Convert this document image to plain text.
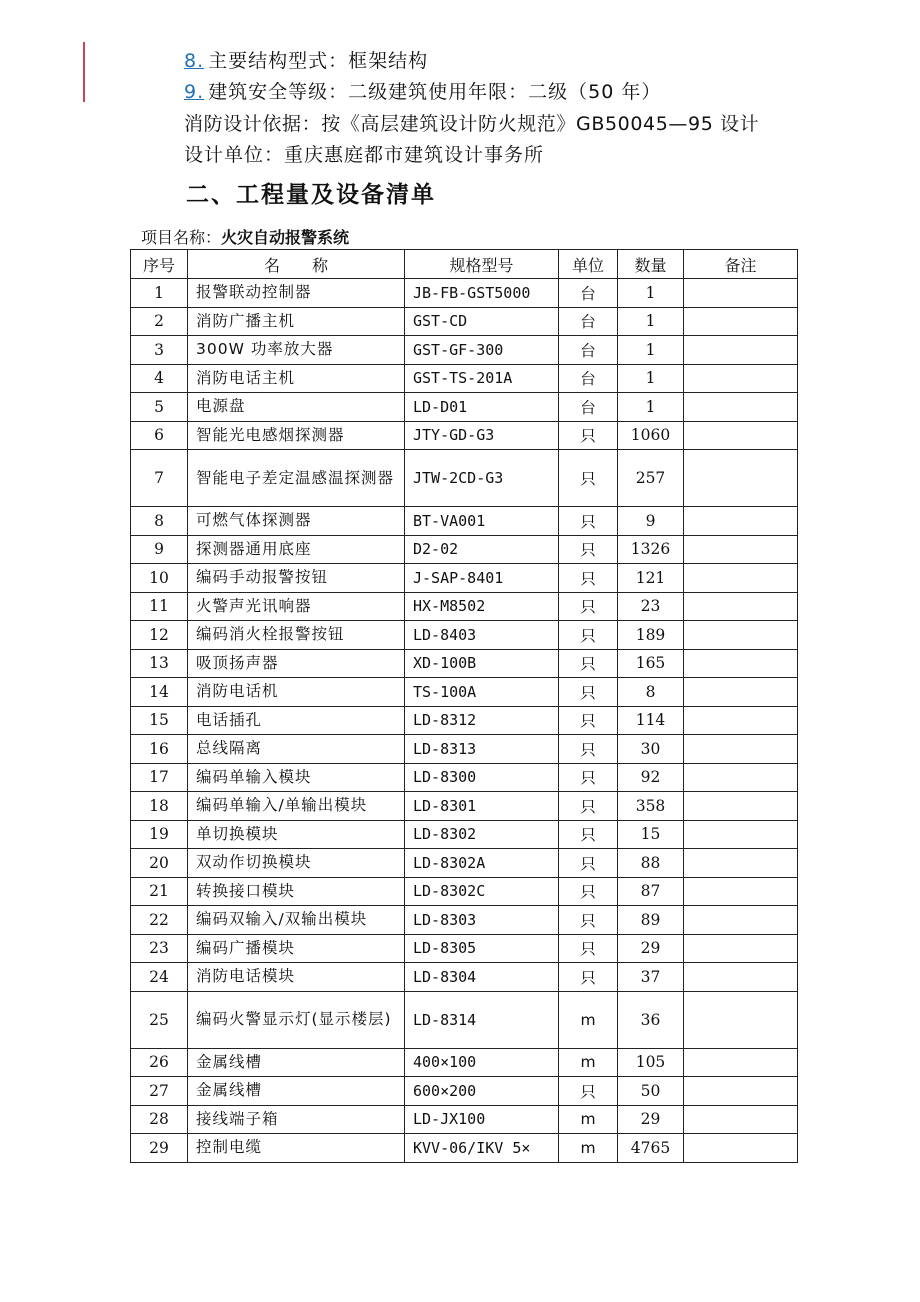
8. 主要结构型式：框架结构
9. 建筑安全等级：二级建筑使用年限：二级（50 年）
消防设计依据：按《高层建筑设计防火规范》GB50045—95 设计
设计单位：重庆惠庭都市建筑设计事务所
二、工程量及设备清单
项目名称：火灾自动报警系统
序号	名　　称	规格型号	单位	数量	备注
1	报警联动控制器	JB-FB-GST5000	台	1	
2	消防广播主机	GST-CD	台	1	
3	300W 功率放大器	GST-GF-300	台	1	
4	消防电话主机	GST-TS-201A	台	1	
5	电源盘	LD-D01	台	1	
6	智能光电感烟探测器	JTY-GD-G3	只	1060	
7	智能电子差定温感温探测器	JTW-2CD-G3	只	257	
8	可燃气体探测器	BT-VA001	只	9	
9	探测器通用底座	D2-02	只	1326	
10	编码手动报警按钮	J-SAP-8401	只	121	
11	火警声光讯响器	HX-M8502	只	23	
12	编码消火栓报警按钮	LD-8403	只	189	
13	吸顶扬声器	XD-100B	只	165	
14	消防电话机	TS-100A	只	8	
15	电话插孔	LD-8312	只	114	
16	总线隔离	LD-8313	只	30	
17	编码单输入模块	LD-8300	只	92	
18	编码单输入/单输出模块	LD-8301	只	358	
19	单切换模块	LD-8302	只	15	
20	双动作切换模块	LD-8302A	只	88	
21	转换接口模块	LD-8302C	只	87	
22	编码双输入/双输出模块	LD-8303	只	89	
23	编码广播模块	LD-8305	只	29	
24	消防电话模块	LD-8304	只	37	
25	编码火警显示灯(显示楼层)	LD-8314	m	36	
26	金属线槽	400×100	m	105	
27	金属线槽	600×200	只	50	
28	接线端子箱	LD-JX100	m	29	
29	控制电缆	KVV-06/IKV 5×	m	4765	
